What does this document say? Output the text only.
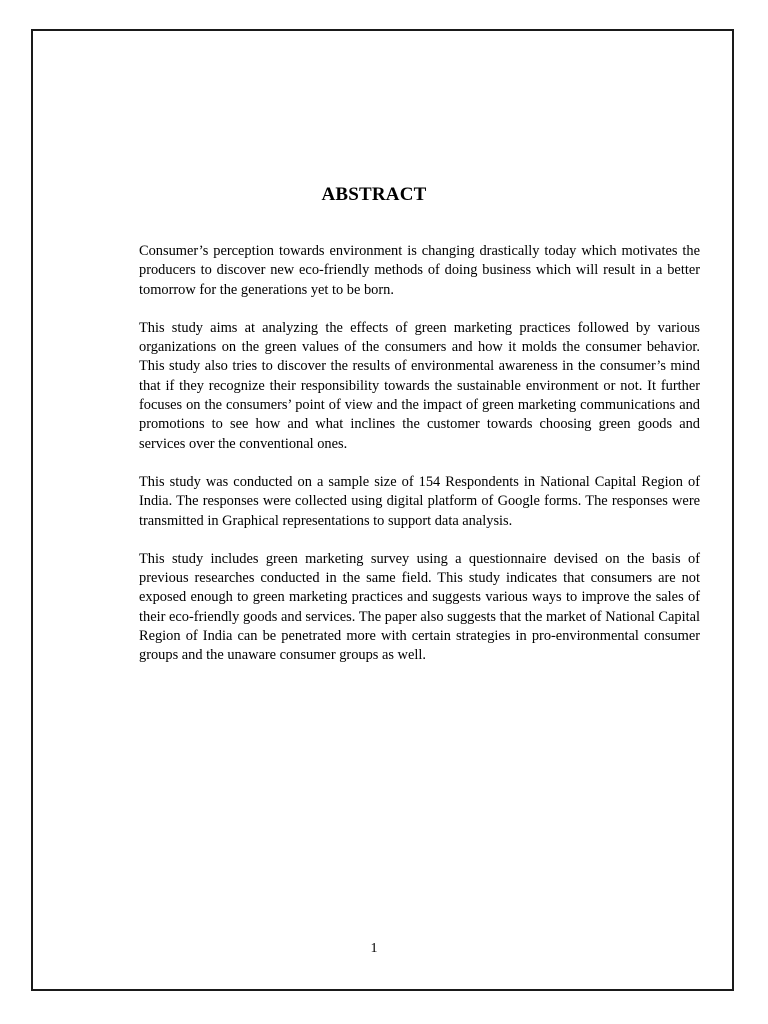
ABSTRACT

Consumer’s perception towards environment is changing drastically today which motivates the producers to discover new eco-friendly methods of doing business which will result in a better tomorrow for the generations yet to be born.

This study aims at analyzing the effects of green marketing practices followed by various organizations on the green values of the consumers and how it molds the consumer behavior. This study also tries to discover the results of environmental awareness in the consumer’s mind that if they recognize their responsibility towards the sustainable environment or not. It further focuses on the consumers’ point of view and the impact of green marketing communications and promotions to see how and what inclines the customer towards choosing green goods and services over the conventional ones.

This study was conducted on a sample size of 154 Respondents in National Capital Region of India. The responses were collected using digital platform of Google forms. The responses were transmitted in Graphical representations to support data analysis.

This study includes green marketing survey using a questionnaire devised on the basis of previous researches conducted in the same field. This study indicates that consumers are not exposed enough to green marketing practices and suggests various ways to improve the sales of their eco-friendly goods and services. The paper also suggests that the market of National Capital Region of India can be penetrated more with certain strategies in pro-environmental consumer groups and the unaware consumer groups as well.

1
